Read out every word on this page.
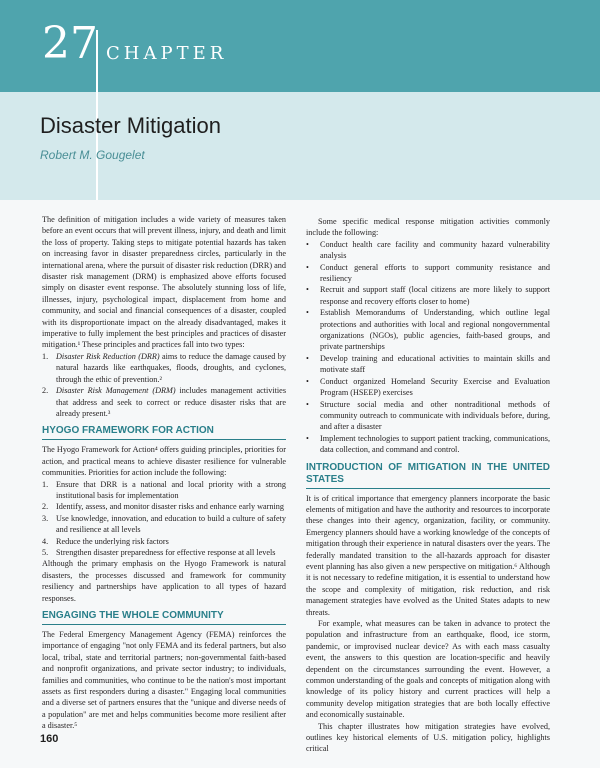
27 CHAPTER
Disaster Mitigation
Robert M. Gougelet

The definition of mitigation includes a wide variety of measures taken before an event occurs that will prevent illness, injury, and death and limit the loss of property. Taking steps to mitigate potential hazards has taken on increasing favor in disaster preparedness circles, particularly in the international arena, where the pursuit of disaster risk reduction (DRR) and disaster risk management (DRM) is emphasized above efforts focused simply on disaster event response. The absolutely stunning loss of life, illnesses, injury, psychological impact, displacement from home and community, and social and financial consequences of a disaster, coupled with its disproportionate impact on the already disadvantaged, makes it imperative to fully implement the best principles and practices of disaster mitigation.¹ These principles and practices fall into two types:

1. Disaster Risk Reduction (DRR) aims to reduce the damage caused by natural hazards like earthquakes, floods, droughts, and cyclones, through the ethic of prevention.²
2. Disaster Risk Management (DRM) includes management activities that address and seek to correct or reduce disaster risks that are already present.³
HYOGO FRAMEWORK FOR ACTION

The Hyogo Framework for Action⁴ offers guiding principles, priorities for action, and practical means to achieve disaster resilience for vulnerable communities. Priorities for action include the following:

1. Ensure that DRR is a national and local priority with a strong institutional basis for implementation
2. Identify, assess, and monitor disaster risks and enhance early warning
3. Use knowledge, innovation, and education to build a culture of safety and resilience at all levels
4. Reduce the underlying risk factors
5. Strengthen disaster preparedness for effective response at all levels

Although the primary emphasis on the Hyogo Framework is natural disasters, the processes discussed and framework for community resiliency and partnerships have application to all types of hazard responses.

ENGAGING THE WHOLE COMMUNITY

The Federal Emergency Management Agency (FEMA) reinforces the importance of engaging "not only FEMA and its federal partners, but also local, tribal, state and territorial partners; non-governmental faith-based and nonprofit organizations, and private sector industry; to individuals, families and communities, who continue to be the nation's most important assets as first responders during a disaster." Engaging local communities and a diverse set of partners ensures that the "unique and diverse needs of a population" are met and helps communities become more resilient after a disaster.⁵

Some specific medical response mitigation activities commonly include the following:

• Conduct health care facility and community hazard vulnerability analysis
• Conduct general efforts to support community resistance and resiliency
• Recruit and support staff (local citizens are more likely to support response and recovery efforts closer to home)
• Establish Memorandums of Understanding, which outline legal protections and authorities with local and regional nongovernmental organizations (NGOs), public agencies, faith-based groups, and private partnerships
• Develop training and educational activities to maintain skills and motivate staff
• Conduct organized Homeland Security Exercise and Evaluation Program (HSEEP) exercises
• Structure social media and other nontraditional methods of community outreach to communicate with individuals before, during, and after a disaster
• Implement technologies to support patient tracking, communications, data collection, and command and control.
INTRODUCTION OF MITIGATION IN THE UNITED STATES

It is of critical importance that emergency planners incorporate the basic elements of mitigation and have the authority and resources to incorporate these changes into their agency, organization, facility, or community. Emergency planners should have a working knowledge of the concepts of mitigation through their experience in natural disasters over the years. The federally mandated transition to the all-hazards approach for disaster event planning has also given a new perspective on mitigation.⁶ Although it is not necessary to redefine mitigation, it is essential to understand how the scope and complexity of mitigation, risk reduction, and risk management strategies have evolved as the United States adapts to new threats.

For example, what measures can be taken in advance to protect the population and infrastructure from an earthquake, flood, ice storm, pandemic, or improvised nuclear device? As with each mass casualty event, the answers to this question are location-specific and heavily dependent on the circumstances surrounding the event. However, a common understanding of the goals and concepts of mitigation along with knowledge of its policy history and current practices will help a community develop mitigation strategies that are both locally effective and economically sustainable.

This chapter illustrates how mitigation strategies have evolved, outlines key historical elements of U.S. mitigation policy, highlights critical

160
